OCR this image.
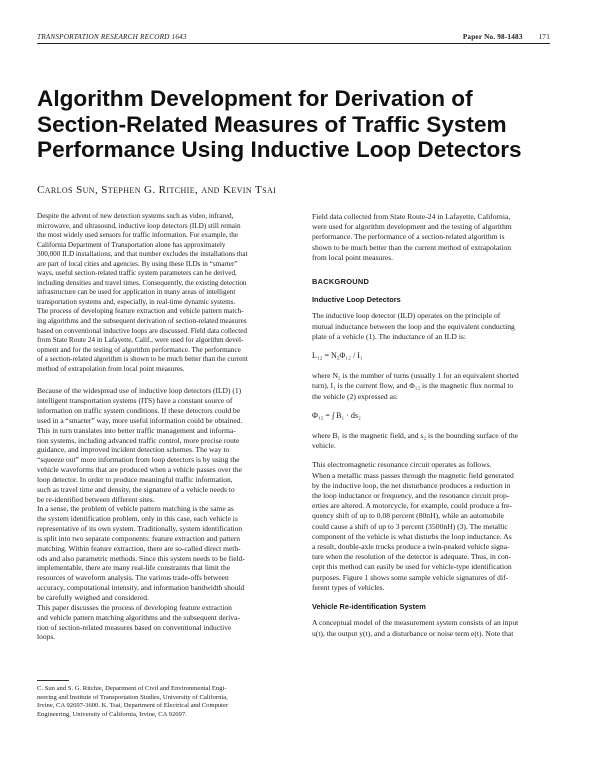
TRANSPORTATION RESEARCH RECORD 1643	Paper No. 98-1483 171
Algorithm Development for Derivation of
Section-Related Measures of Traffic System
Performance Using Inductive Loop Detectors
Carlos Sun, Stephen G. Ritchie, and Kevin Tsai
Despite the advent of new detection systems such as video, infrared,
microwave, and ultrasound, inductive loop detectors (ILD) still remain
the most widely used sensors for traffic information. For example, the
California Department of Transportation alone has approximately
300,000 ILD installations, and that number excludes the installations that
are part of local cities and agencies. By using these ILDs in “smarter”
ways, useful section-related traffic system parameters can be derived,
including densities and travel times. Consequently, the existing detection
infrastructure can be used for application in many areas of intelligent
transportation systems and, especially, in real-time dynamic systems.
The process of developing feature extraction and vehicle pattern match-
ing algorithms and the subsequent derivation of section-related measures
based on conventional inductive loops are discussed. Field data collected
from State Route 24 in Lafayette, Calif., were used for algorithm devel-
opment and for the testing of algorithm performance. The performance
of a section-related algorithm is shown to be much better than the current
method of extrapolation from local point measures.
Because of the widespread use of inductive loop detectors (ILD) (1)
intelligent transportation systems (ITS) have a constant source of
information on traffic system conditions. If these detectors could be
used in a “smarter” way, more useful information could be obtained.
This in turn translates into better traffic management and informa-
tion systems, including advanced traffic control, more precise route
guidance, and improved incident detection schemes. The way to
“squeeze out” more information from loop detectors is by using the
vehicle waveforms that are produced when a vehicle passes over the
loop detector. In order to produce meaningful traffic information,
such as travel time and density, the signature of a vehicle needs to
be re-identified between different sites.
In a sense, the problem of vehicle pattern matching is the same as
the system identification problem, only in this case, each vehicle is
representative of its own system. Traditionally, system identification
is split into two separate components: feature extraction and pattern
matching. Within feature extraction, there are so-called direct meth-
ods and also parametric methods. Since this system needs to be field-
implementable, there are many real-life constraints that limit the
resources of waveform analysis. The various trade-offs between
accuracy, computational intensity, and information bandwidth should
be carefully weighed and considered.
This paper discusses the process of developing feature extraction
and vehicle pattern matching algorithms and the subsequent deriva-
tion of section-related measures based on conventional inductive
loops.
C. Sun and S. G. Ritchie, Department of Civil and Environmental Engi-
neering and Institute of Transportation Studies, University of California,
Irvine, CA 92697-3600. K. Tsai, Department of Electrical and Computer
Engineering, University of California, Irvine, CA 92697.
Field data collected from State Route-24 in Lafayette, California,
were used for algorithm development and the testing of algorithm
performance. The performance of a section-related algorithm is
shown to be much better than the current method of extrapolation
from local point measures.
BACKGROUND
Inductive Loop Detectors
The inductive loop detector (ILD) operates on the principle of
mutual inductance between the loop and the equivalent conducting
plate of a vehicle (1). The inductance of an ILD is:
L₁₂ = N₂Φ₁₂ / I₁
where N₂ is the number of turns (usually 1 for an equivalent shorted
turn), I₁ is the current flow, and Φ₁₂ is the magnetic flux normal to
the vehicle (2) expressed as:
Φ₁₂ = ∫ B₁ · ds₂
where B₁ is the magnetic field, and s₂ is the bounding surface of the
vehicle.
This electromagnetic resonance circuit operates as follows.
When a metallic mass passes through the magnetic field generated
by the inductive loop, the net disturbance produces a reduction in
the loop inductance or frequency, and the resonance circuit prop-
erties are altered. A motorcycle, for example, could produce a fre-
quency shift of up to 0.08 percent (80nH), while an automobile
could cause a shift of up to 3 percent (3500nH) (3). The metallic
component of the vehicle is what disturbs the loop inductance. As
a result, double-axle trucks produce a twin-peaked vehicle signa-
ture when the resolution of the detector is adequate. Thus, in con-
cept this method can easily be used for vehicle-type identification
purposes. Figure 1 shows some sample vehicle signatures of dif-
ferent types of vehicles.
Vehicle Re-identification System
A conceptual model of the measurement system consists of an input
u(t), the output y(t), and a disturbance or noise term e(t). Note that
